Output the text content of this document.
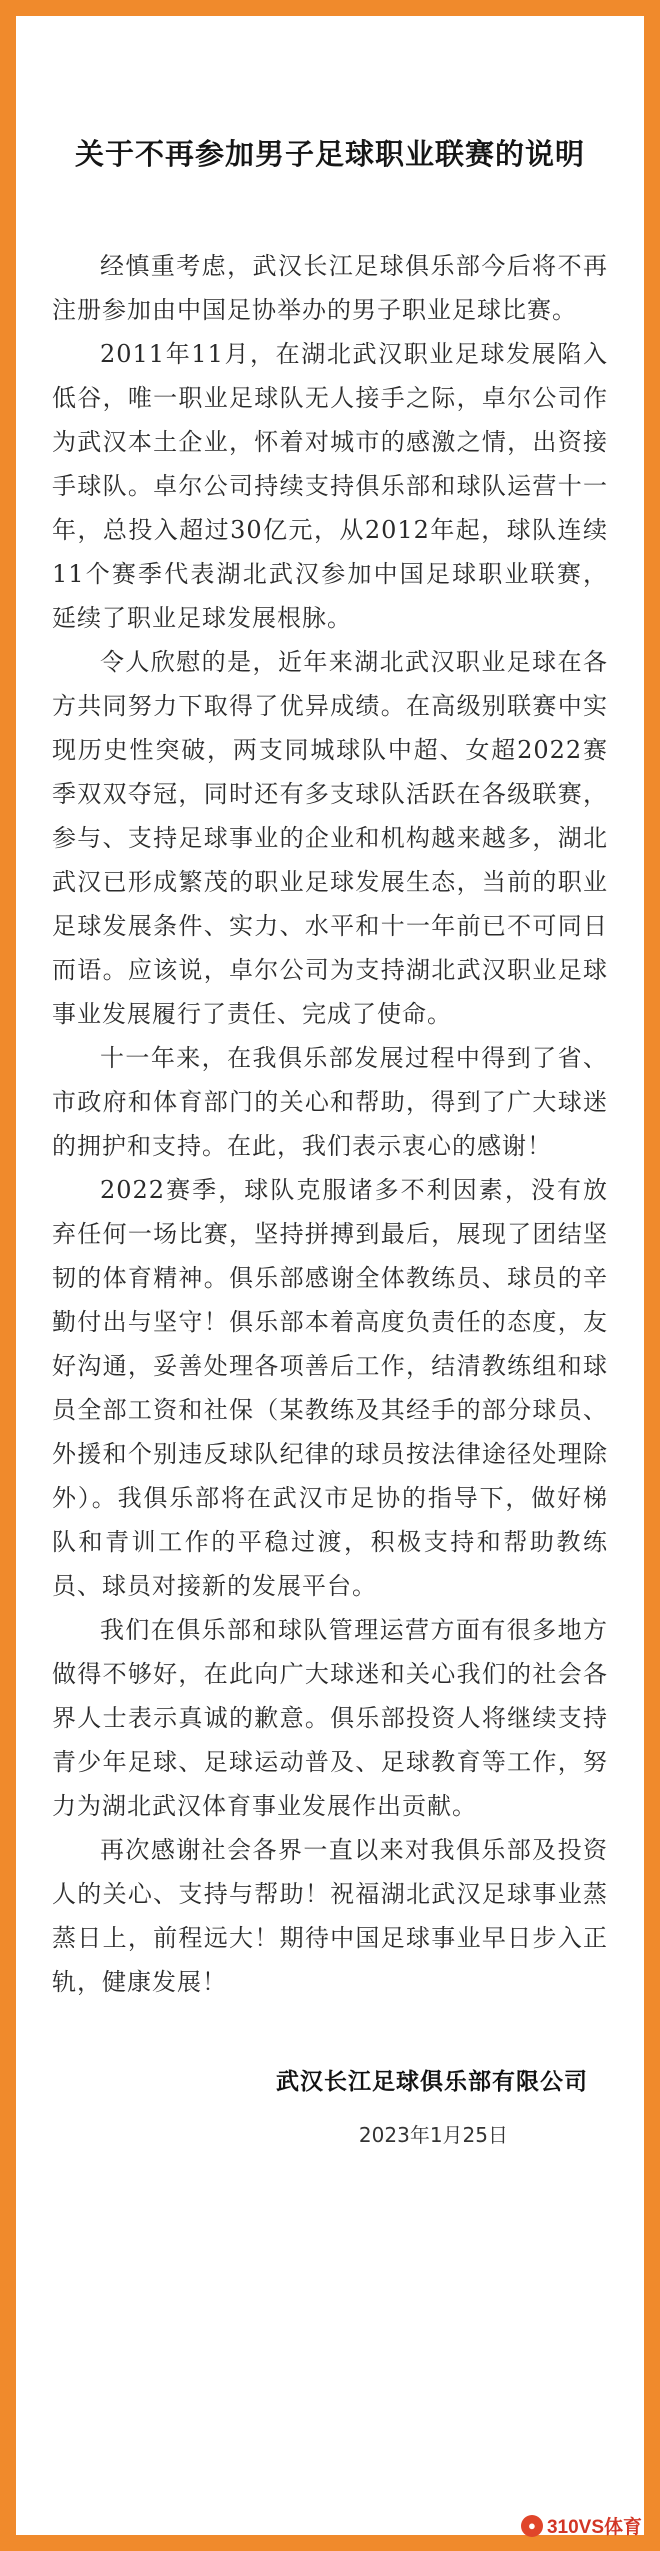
关于不再参加男子足球职业联赛的说明

经慎重考虑，武汉长江足球俱乐部今后将不再注册参加由中国足协举办的男子职业足球比赛。

2011年11月，在湖北武汉职业足球发展陷入低谷，唯一职业足球队无人接手之际，卓尔公司作为武汉本土企业，怀着对城市的感激之情，出资接手球队。卓尔公司持续支持俱乐部和球队运营十一年，总投入超过30亿元，从2012年起，球队连续11个赛季代表湖北武汉参加中国足球职业联赛，延续了职业足球发展根脉。

令人欣慰的是，近年来湖北武汉职业足球在各方共同努力下取得了优异成绩。在高级别联赛中实现历史性突破，两支同城球队中超、女超2022赛季双双夺冠，同时还有多支球队活跃在各级联赛，参与、支持足球事业的企业和机构越来越多，湖北武汉已形成繁茂的职业足球发展生态，当前的职业足球发展条件、实力、水平和十一年前已不可同日而语。应该说，卓尔公司为支持湖北武汉职业足球事业发展履行了责任、完成了使命。

十一年来，在我俱乐部发展过程中得到了省、市政府和体育部门的关心和帮助，得到了广大球迷的拥护和支持。在此，我们表示衷心的感谢！

2022赛季，球队克服诸多不利因素，没有放弃任何一场比赛，坚持拼搏到最后，展现了团结坚韧的体育精神。俱乐部感谢全体教练员、球员的辛勤付出与坚守！俱乐部本着高度负责任的态度，友好沟通，妥善处理各项善后工作，结清教练组和球员全部工资和社保（某教练及其经手的部分球员、外援和个别违反球队纪律的球员按法律途径处理除外）。我俱乐部将在武汉市足协的指导下，做好梯队和青训工作的平稳过渡，积极支持和帮助教练员、球员对接新的发展平台。

我们在俱乐部和球队管理运营方面有很多地方做得不够好，在此向广大球迷和关心我们的社会各界人士表示真诚的歉意。俱乐部投资人将继续支持青少年足球、足球运动普及、足球教育等工作，努力为湖北武汉体育事业发展作出贡献。

再次感谢社会各界一直以来对我俱乐部及投资人的关心、支持与帮助！祝福湖北武汉足球事业蒸蒸日上，前程远大！期待中国足球事业早日步入正轨，健康发展！

武汉长江足球俱乐部有限公司
2023年1月25日
● 310VS体育
